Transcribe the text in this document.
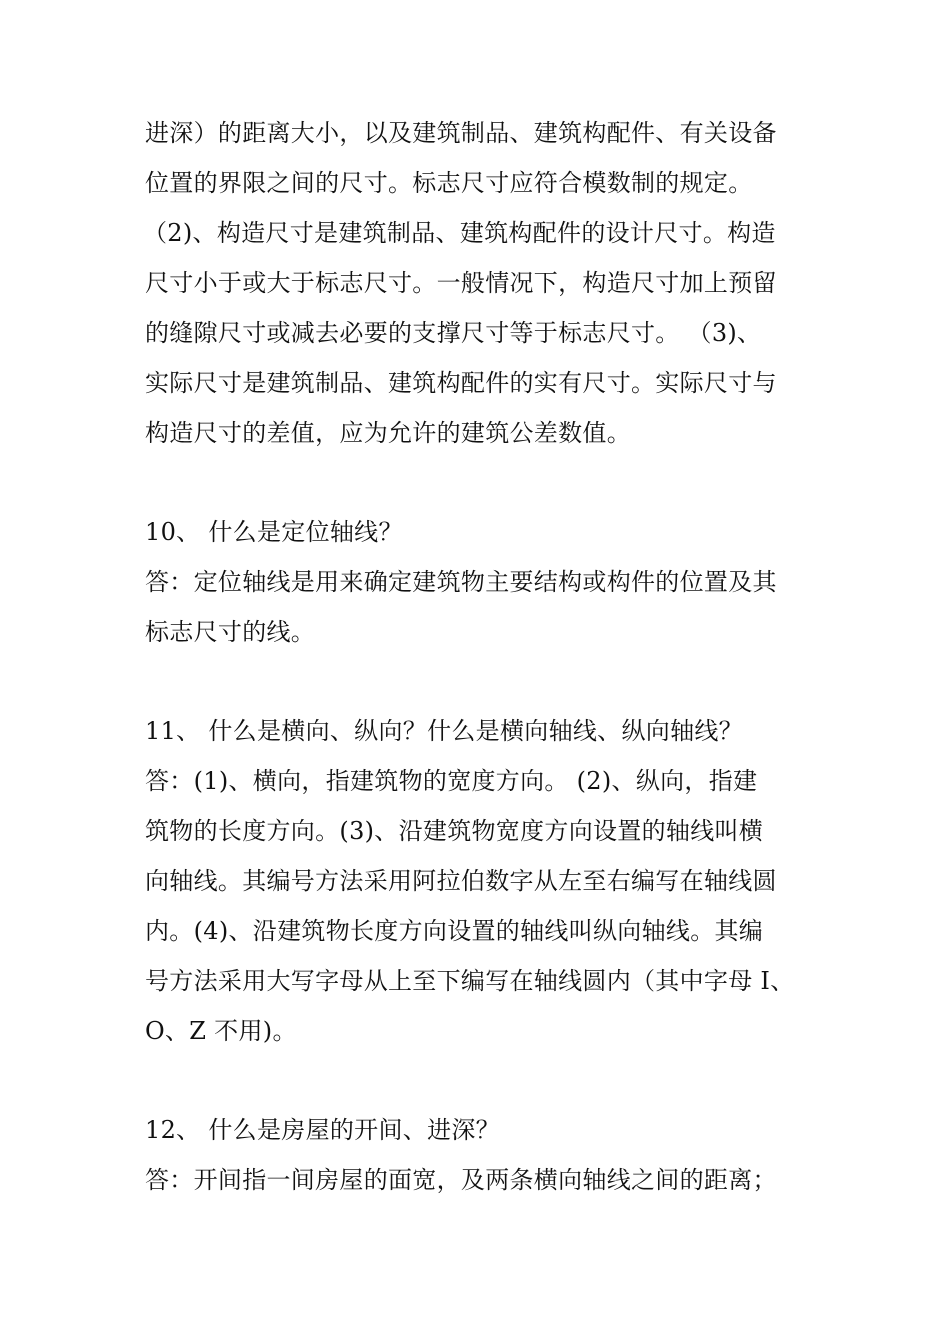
进深）的距离大小，以及建筑制品、建筑构配件、有关设备
位置的界限之间的尺寸。标志尺寸应符合模数制的规定。
（2)、构造尺寸是建筑制品、建筑构配件的设计尺寸。构造
尺寸小于或大于标志尺寸。一般情况下，构造尺寸加上预留
的缝隙尺寸或减去必要的支撑尺寸等于标志尺寸。 （3)、
实际尺寸是建筑制品、建筑构配件的实有尺寸。实际尺寸与
构造尺寸的差值，应为允许的建筑公差数值。
10、 什么是定位轴线？
答：定位轴线是用来确定建筑物主要结构或构件的位置及其
标志尺寸的线。
11、 什么是横向、纵向？什么是横向轴线、纵向轴线？
答：(1)、横向，指建筑物的宽度方向。 (2)、纵向，指建
筑物的长度方向。(3)、沿建筑物宽度方向设置的轴线叫横
向轴线。其编号方法采用阿拉伯数字从左至右编写在轴线圆
内。(4)、沿建筑物长度方向设置的轴线叫纵向轴线。其编
号方法采用大写字母从上至下编写在轴线圆内（其中字母 I、
O、Z 不用)。
12、 什么是房屋的开间、进深？
答：开间指一间房屋的面宽，及两条横向轴线之间的距离；
